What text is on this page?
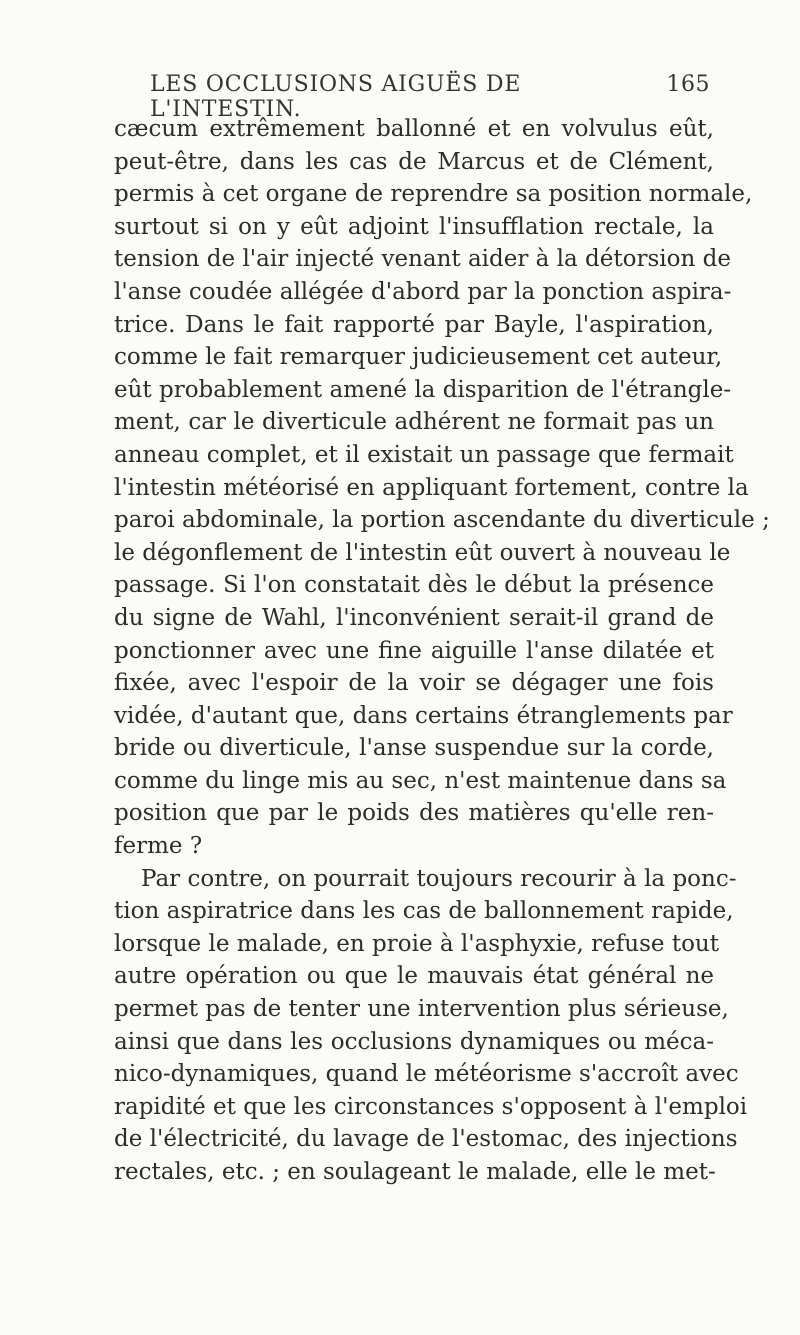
LES OCCLUSIONS AIGUËS DE L'INTESTIN.
165

cæcum extrêmement ballonné et en volvulus eût,
peut-être, dans les cas de Marcus et de Clément,
permis à cet organe de reprendre sa position normale,
surtout si on y eût adjoint l'insufflation rectale, la
tension de l'air injecté venant aider à la détorsion de
l'anse coudée allégée d'abord par la ponction aspira-
trice. Dans le fait rapporté par Bayle, l'aspiration,
comme le fait remarquer judicieusement cet auteur,
eût probablement amené la disparition de l'étrangle-
ment, car le diverticule adhérent ne formait pas un
anneau complet, et il existait un passage que fermait
l'intestin météorisé en appliquant fortement, contre la
paroi abdominale, la portion ascendante du diverticule ;
le dégonflement de l'intestin eût ouvert à nouveau le
passage. Si l'on constatait dès le début la présence
du signe de Wahl, l'inconvénient serait-il grand de
ponctionner avec une fine aiguille l'anse dilatée et
fixée, avec l'espoir de la voir se dégager une fois
vidée, d'autant que, dans certains étranglements par
bride ou diverticule, l'anse suspendue sur la corde,
comme du linge mis au sec, n'est maintenue dans sa
position que par le poids des matières qu'elle ren-
ferme ?

Par contre, on pourrait toujours recourir à la ponc-
tion aspiratrice dans les cas de ballonnement rapide,
lorsque le malade, en proie à l'asphyxie, refuse tout
autre opération ou que le mauvais état général ne
permet pas de tenter une intervention plus sérieuse,
ainsi que dans les occlusions dynamiques ou méca-
nico-dynamiques, quand le météorisme s'accroît avec
rapidité et que les circonstances s'opposent à l'emploi
de l'électricité, du lavage de l'estomac, des injections
rectales, etc. ; en soulageant le malade, elle le met-
